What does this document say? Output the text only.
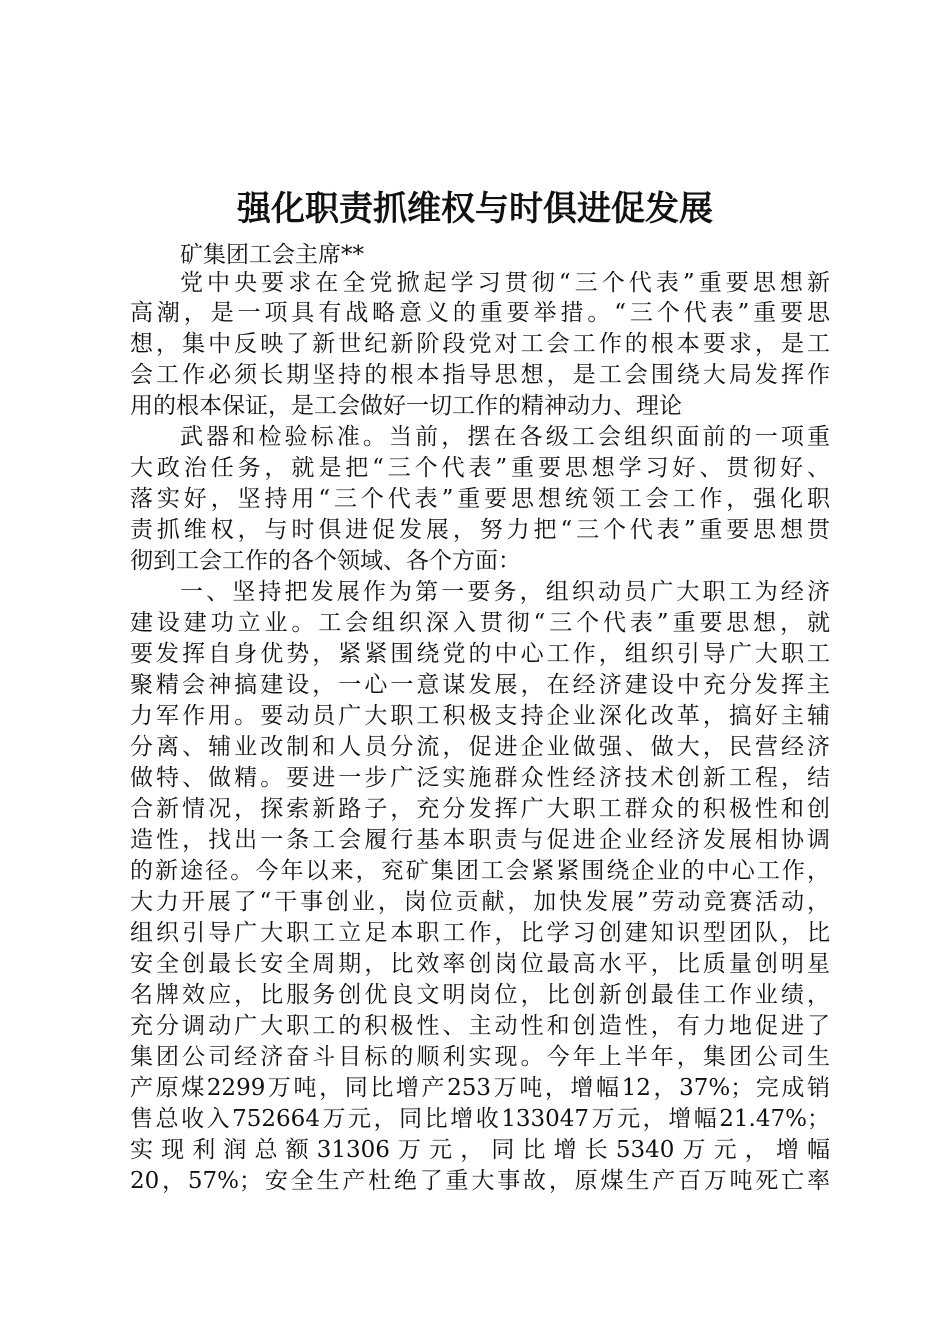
强化职责抓维权与时俱进促发展
矿集团工会主席**
党中央要求在全党掀起学习贯彻“三个代表”重要思想新
高潮，是一项具有战略意义的重要举措。“三个代表”重要思
想，集中反映了新世纪新阶段党对工会工作的根本要求，是工
会工作必须长期坚持的根本指导思想，是工会围绕大局发挥作
用的根本保证，是工会做好一切工作的精神动力、理论
武器和检验标准。当前，摆在各级工会组织面前的一项重
大政治任务，就是把“三个代表”重要思想学习好、贯彻好、
落实好，坚持用“三个代表”重要思想统领工会工作，强化职
责抓维权，与时俱进促发展，努力把“三个代表”重要思想贯
彻到工会工作的各个领域、各个方面：
一、坚持把发展作为第一要务，组织动员广大职工为经济
建设建功立业。工会组织深入贯彻“三个代表”重要思想，就
要发挥自身优势，紧紧围绕党的中心工作，组织引导广大职工
聚精会神搞建设，一心一意谋发展，在经济建设中充分发挥主
力军作用。要动员广大职工积极支持企业深化改革，搞好主辅
分离、辅业改制和人员分流，促进企业做强、做大，民营经济
做特、做精。要进一步广泛实施群众性经济技术创新工程，结
合新情况，探索新路子，充分发挥广大职工群众的积极性和创
造性，找出一条工会履行基本职责与促进企业经济发展相协调
的新途径。今年以来，兖矿集团工会紧紧围绕企业的中心工作，
大力开展了“干事创业，岗位贡献，加快发展”劳动竞赛活动，
组织引导广大职工立足本职工作，比学习创建知识型团队，比
安全创最长安全周期，比效率创岗位最高水平，比质量创明星
名牌效应，比服务创优良文明岗位，比创新创最佳工作业绩，
充分调动广大职工的积极性、主动性和创造性，有力地促进了
集团公司经济奋斗目标的顺利实现。今年上半年，集团公司生
产原煤2299万吨，同比增产253万吨，增幅12，37%；完成销
售总收入752664万元，同比增收133047万元，增幅21.47%；
实现利润总额31306万元，同比增长5340万元，增幅
20，57%；安全生产杜绝了重大事故，原煤生产百万吨死亡率
